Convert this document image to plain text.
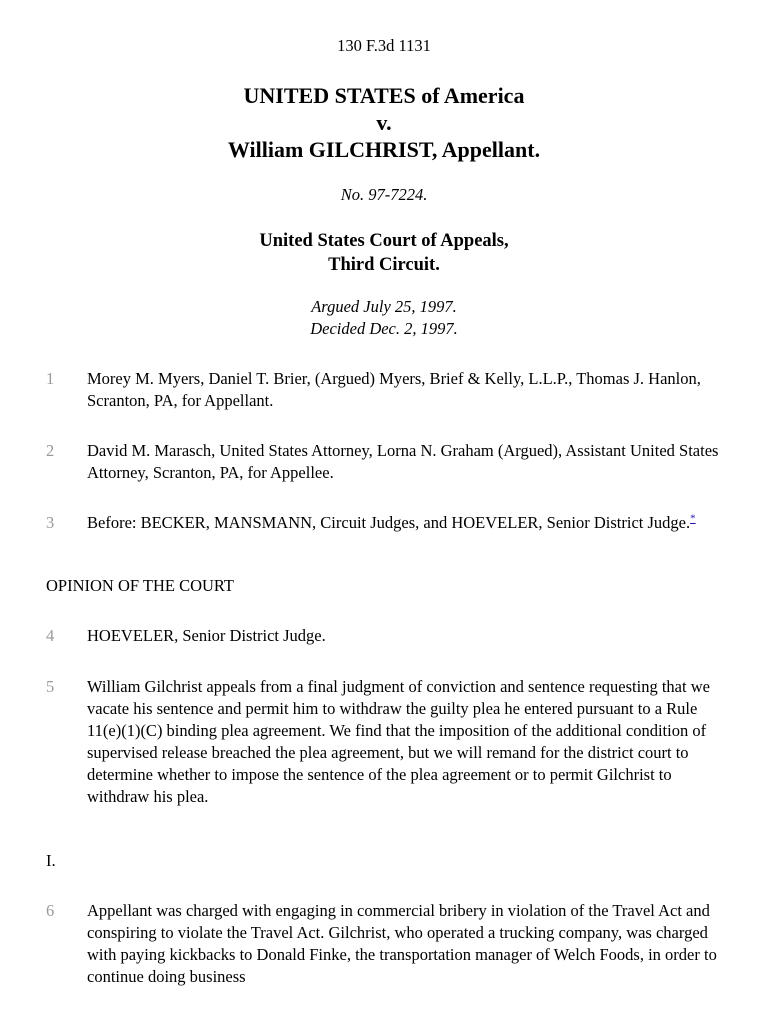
130 F.3d 1131
UNITED STATES of America
v.
William GILCHRIST, Appellant.
No. 97-7224.
United States Court of Appeals,
Third Circuit.
Argued July 25, 1997.
Decided Dec. 2, 1997.
1 Morey M. Myers, Daniel T. Brier, (Argued) Myers, Brief & Kelly, L.L.P., Thomas J. Hanlon, Scranton, PA, for Appellant.
2 David M. Marasch, United States Attorney, Lorna N. Graham (Argued), Assistant United States Attorney, Scranton, PA, for Appellee.
3 Before: BECKER, MANSMANN, Circuit Judges, and HOEVELER, Senior District Judge.*
OPINION OF THE COURT
4 HOEVELER, Senior District Judge.
5 William Gilchrist appeals from a final judgment of conviction and sentence requesting that we vacate his sentence and permit him to withdraw the guilty plea he entered pursuant to a Rule 11(e)(1)(C) binding plea agreement. We find that the imposition of the additional condition of supervised release breached the plea agreement, but we will remand for the district court to determine whether to impose the sentence of the plea agreement or to permit Gilchrist to withdraw his plea.
I.
6 Appellant was charged with engaging in commercial bribery in violation of the Travel Act and conspiring to violate the Travel Act. Gilchrist, who operated a trucking company, was charged with paying kickbacks to Donald Finke, the transportation manager of Welch Foods, in order to continue doing business
